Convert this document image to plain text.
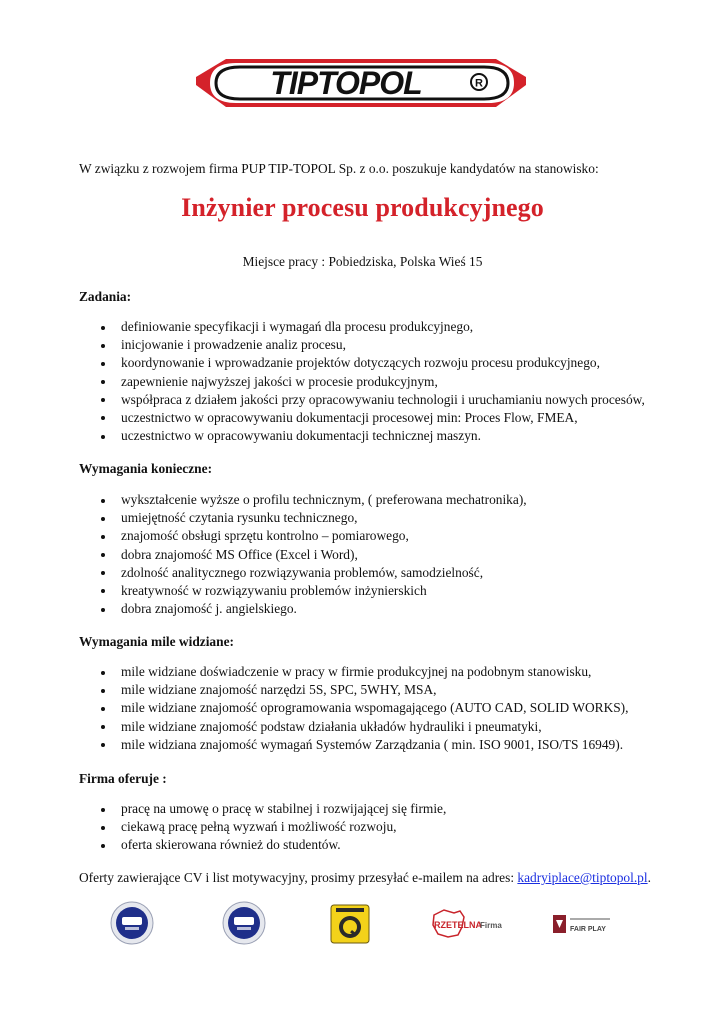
TIPTOPOL	R
W związku z rozwojem firma PUP TIP-TOPOL Sp. z o.o. poszukuje kandydatów na stanowisko:
Inżynier procesu produkcyjnego
Miejsce pracy : Pobiedziska, Polska Wieś 15
Zadania:
definiowanie specyfikacji i wymagań dla procesu produkcyjnego,
inicjowanie i prowadzenie analiz procesu,
koordynowanie i wprowadzanie projektów dotyczących rozwoju procesu produkcyjnego,
zapewnienie najwyższej jakości w procesie produkcyjnym,
współpraca z działem jakości przy opracowywaniu technologii i uruchamianiu nowych procesów,
uczestnictwo w opracowywaniu dokumentacji procesowej min: Proces Flow, FMEA,
uczestnictwo w opracowywaniu dokumentacji technicznej maszyn.
Wymagania konieczne:
wykształcenie wyższe o profilu technicznym, ( preferowana mechatronika),
umiejętność czytania rysunku technicznego,
znajomość obsługi sprzętu kontrolno – pomiarowego,
dobra znajomość MS Office (Excel i Word),
zdolność analitycznego rozwiązywania problemów, samodzielność,
kreatywność w rozwiązywaniu problemów inżynierskich
dobra znajomość j. angielskiego.
Wymagania mile widziane:
mile widziane doświadczenie w pracy w firmie produkcyjnej na podobnym stanowisku,
mile widziane znajomość narzędzi 5S, SPC, 5WHY, MSA,
mile widziane znajomość oprogramowania wspomagającego (AUTO CAD, SOLID WORKS),
mile widziane znajomość podstaw działania układów hydrauliki i pneumatyki,
mile widziana znajomość wymagań Systemów Zarządzania ( min. ISO 9001, ISO/TS 16949).
Firma oferuje :
pracę na umowę o pracę w stabilnej i rozwijającej się firmie,
ciekawą pracę pełną wyzwań i możliwość rozwoju,
oferta skierowana również do studentów.
Oferty zawierające CV i list motywacyjny, prosimy przesyłać e-mailem na adres: kadryiplace@tiptopol.pl.
RZETELNA
Firma	FAIR PLAY
